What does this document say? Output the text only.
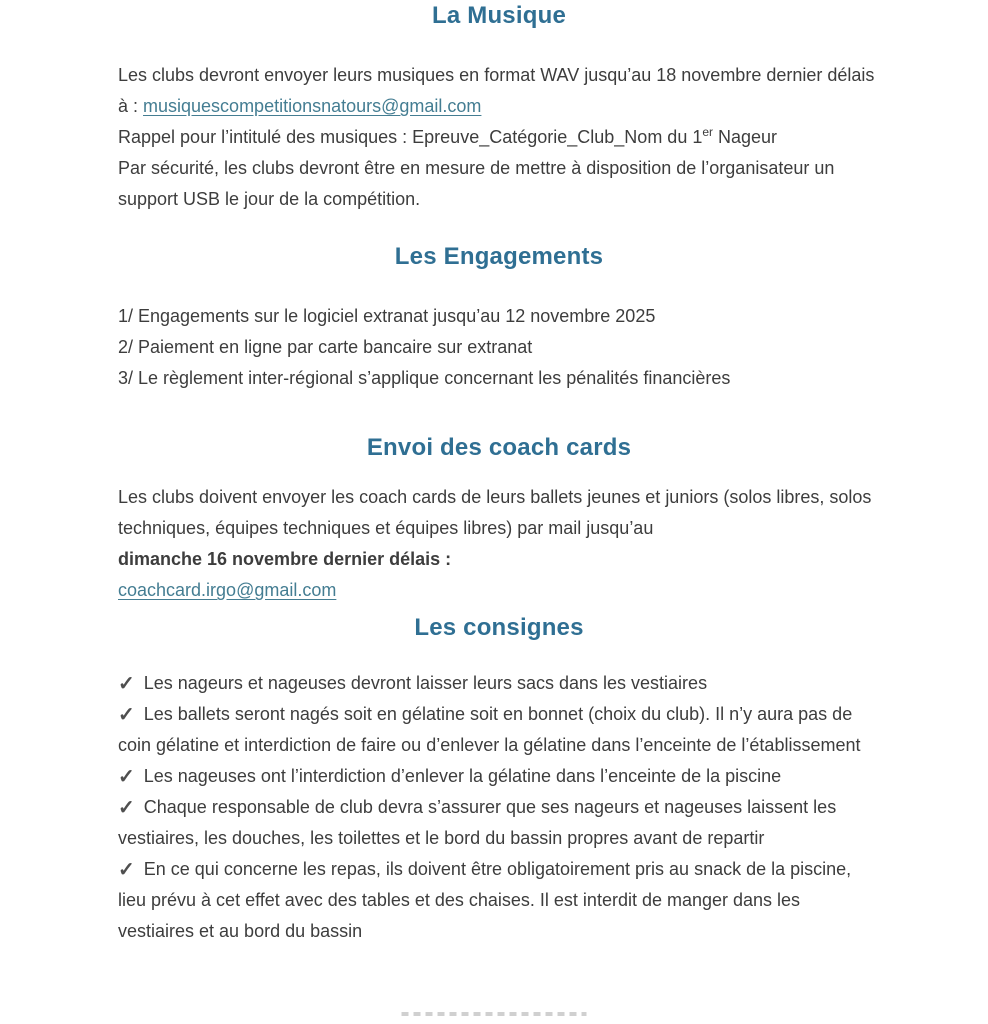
La Musique

Les clubs devront envoyer leurs musiques en format WAV jusqu’au 18 novembre dernier délais à : musiquescompetitionsnatours@gmail.com

Rappel pour l’intitulé des musiques : Epreuve_Catégorie_Club_Nom du 1er Nageur

Par sécurité, les clubs devront être en mesure de mettre à disposition de l’organisateur un support USB le jour de la compétition.

Les Engagements

1/ Engagements sur le logiciel extranat jusqu’au 12 novembre 2025

2/ Paiement en ligne par carte bancaire sur extranat

3/ Le règlement inter-régional s’applique concernant les pénalités financières

Envoi des coach cards

Les clubs doivent envoyer les coach cards de leurs ballets jeunes et juniors (solos libres, solos techniques, équipes techniques et équipes libres) par mail jusqu’au

dimanche 16 novembre dernier délais :

coachcard.irgo@gmail.com

Les consignes

✓ Les nageurs et nageuses devront laisser leurs sacs dans les vestiaires

✓ Les ballets seront nagés soit en gélatine soit en bonnet (choix du club). Il n’y aura pas de coin gélatine et interdiction de faire ou d’enlever la gélatine dans l’enceinte de l’établissement

✓ Les nageuses ont l’interdiction d’enlever la gélatine dans l’enceinte de la piscine

✓ Chaque responsable de club devra s’assurer que ses nageurs et nageuses laissent les vestiaires, les douches, les toilettes et le bord du bassin propres avant de repartir

✓ En ce qui concerne les repas, ils doivent être obligatoirement pris au snack de la piscine, lieu prévu à cet effet avec des tables et des chaises. Il est interdit de manger dans les vestiaires et au bord du bassin
